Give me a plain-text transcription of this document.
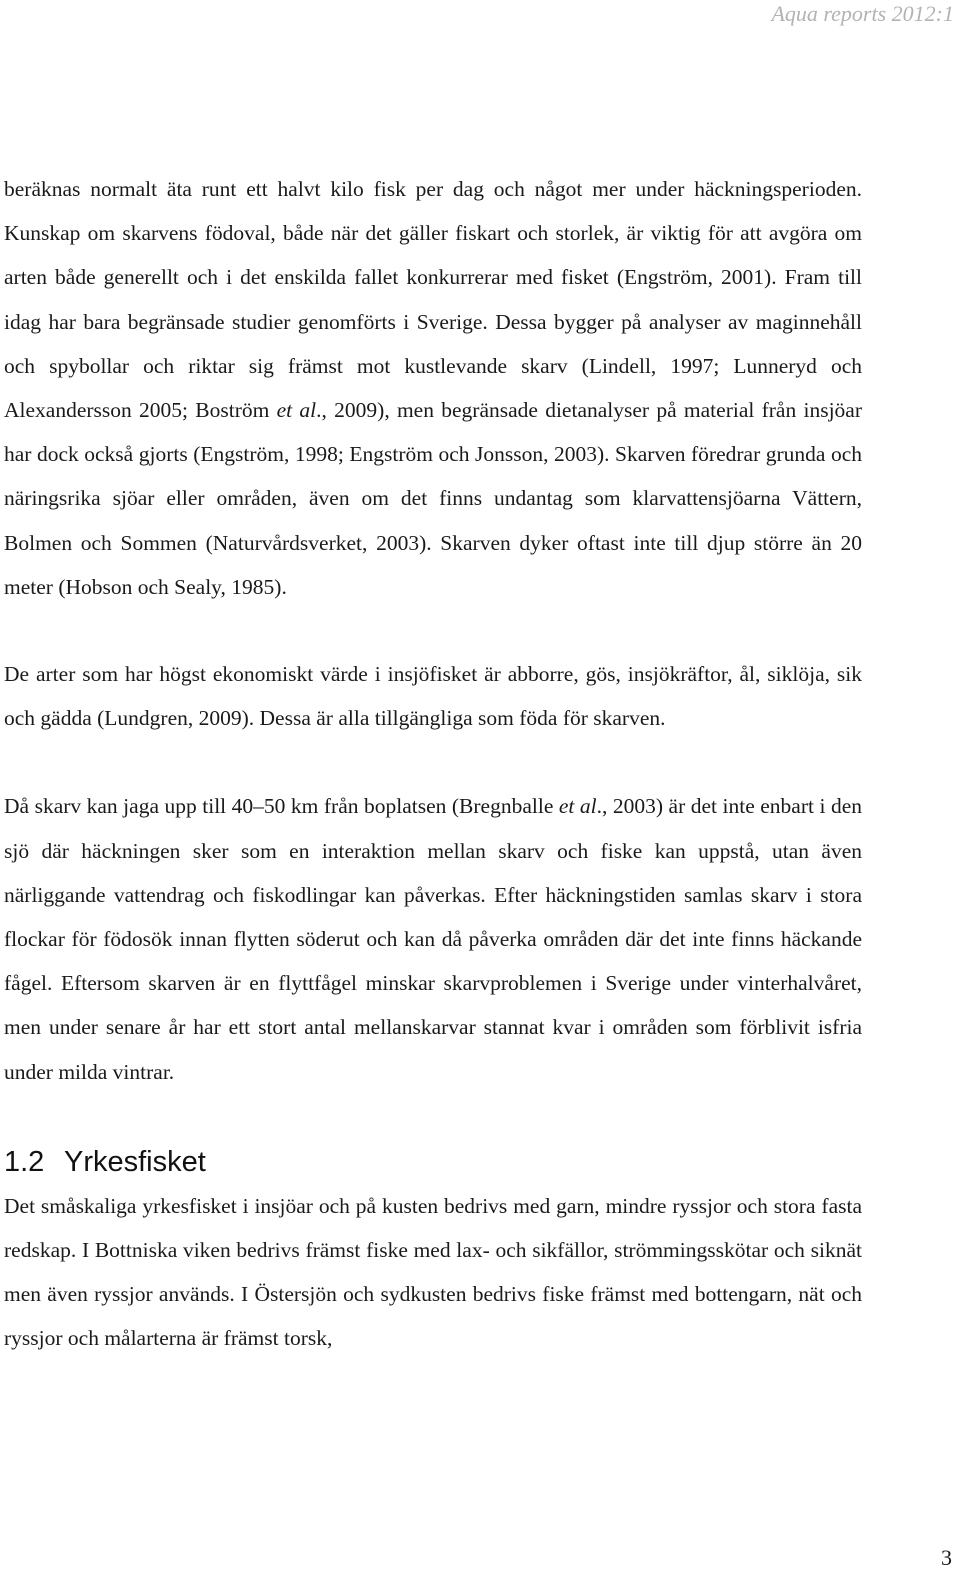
Aqua reports 2012:1

beräknas normalt äta runt ett halvt kilo fisk per dag och något mer under häckningsperioden. Kunskap om skarvens födoval, både när det gäller fiskart och storlek, är viktig för att avgöra om arten både generellt och i det enskilda fallet konkurrerar med fisket (Engström, 2001). Fram till idag har bara begränsade studier genomförts i Sverige. Dessa bygger på analyser av maginnehåll och spybollar och riktar sig främst mot kustlevande skarv (Lindell, 1997; Lunneryd och Alexandersson 2005; Boström et al., 2009), men begränsade dietanalyser på material från insjöar har dock också gjorts (Engström, 1998; Engström och Jonsson, 2003). Skarven föredrar grunda och näringsrika sjöar eller områden, även om det finns undantag som klarvattensjöarna Vättern, Bolmen och Sommen (Naturvårdsverket, 2003). Skarven dyker oftast inte till djup större än 20 meter (Hobson och Sealy, 1985).

De arter som har högst ekonomiskt värde i insjöfisket är abborre, gös, insjökräftor, ål, siklöja, sik och gädda (Lundgren, 2009). Dessa är alla tillgängliga som föda för skarven.

Då skarv kan jaga upp till 40–50 km från boplatsen (Bregnballe et al., 2003) är det inte enbart i den sjö där häckningen sker som en interaktion mellan skarv och fiske kan uppstå, utan även närliggande vattendrag och fiskodlingar kan påverkas. Efter häckningstiden samlas skarv i stora flockar för födosök innan flytten söderut och kan då påverka områden där det inte finns häckande fågel. Eftersom skarven är en flyttfågel minskar skarvproblemen i Sverige under vinterhalvåret, men under senare år har ett stort antal mellanskarvar stannat kvar i områden som förblivit isfria under milda vintrar.

1.2 Yrkesfisket

Det småskaliga yrkesfisket i insjöar och på kusten bedrivs med garn, mindre ryssjor och stora fasta redskap. I Bottniska viken bedrivs främst fiske med lax- och sikfällor, strömmingsskötar och siknät men även ryssjor används. I Östersjön och sydkusten bedrivs fiske främst med bottengarn, nät och ryssjor och målarterna är främst torsk,

3
